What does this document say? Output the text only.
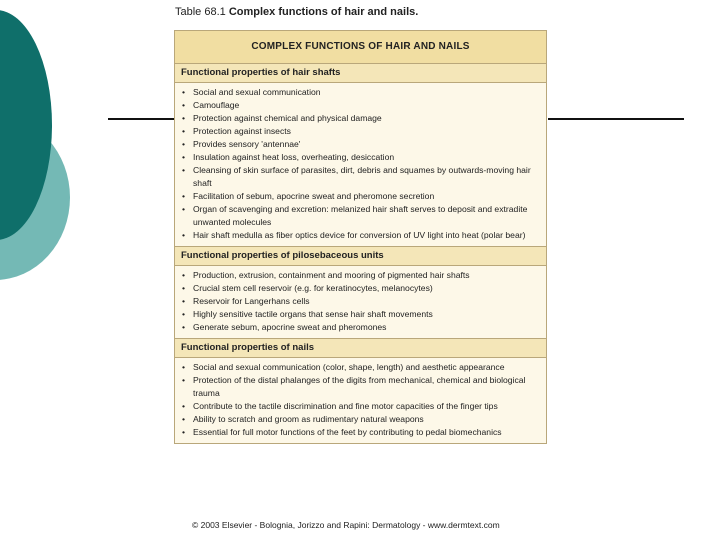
Table 68.1 Complex functions of hair and nails.
COMPLEX FUNCTIONS OF HAIR AND NAILS
Functional properties of hair shafts
• Social and sexual communication
• Camouflage
• Protection against chemical and physical damage
• Protection against insects
• Provides sensory 'antennae'
• Insulation against heat loss, overheating, desiccation
• Cleansing of skin surface of parasites, dirt, debris and squames by outwards-moving hair shaft
• Facilitation of sebum, apocrine sweat and pheromone secretion
• Organ of scavenging and excretion: melanized hair shaft serves to deposit and extradite unwanted molecules
• Hair shaft medulla as fiber optics device for conversion of UV light into heat (polar bear)
Functional properties of pilosebaceous units
• Production, extrusion, containment and mooring of pigmented hair shafts
• Crucial stem cell reservoir (e.g. for keratinocytes, melanocytes)
• Reservoir for Langerhans cells
• Highly sensitive tactile organs that sense hair shaft movements
• Generate sebum, apocrine sweat and pheromones
Functional properties of nails
• Social and sexual communication (color, shape, length) and aesthetic appearance
• Protection of the distal phalanges of the digits from mechanical, chemical and biological trauma
• Contribute to the tactile discrimination and fine motor capacities of the finger tips
• Ability to scratch and groom as rudimentary natural weapons
• Essential for full motor functions of the feet by contributing to pedal biomechanics
© 2003 Elsevier - Bolognia, Jorizzo and Rapini: Dermatology - www.dermtext.com
